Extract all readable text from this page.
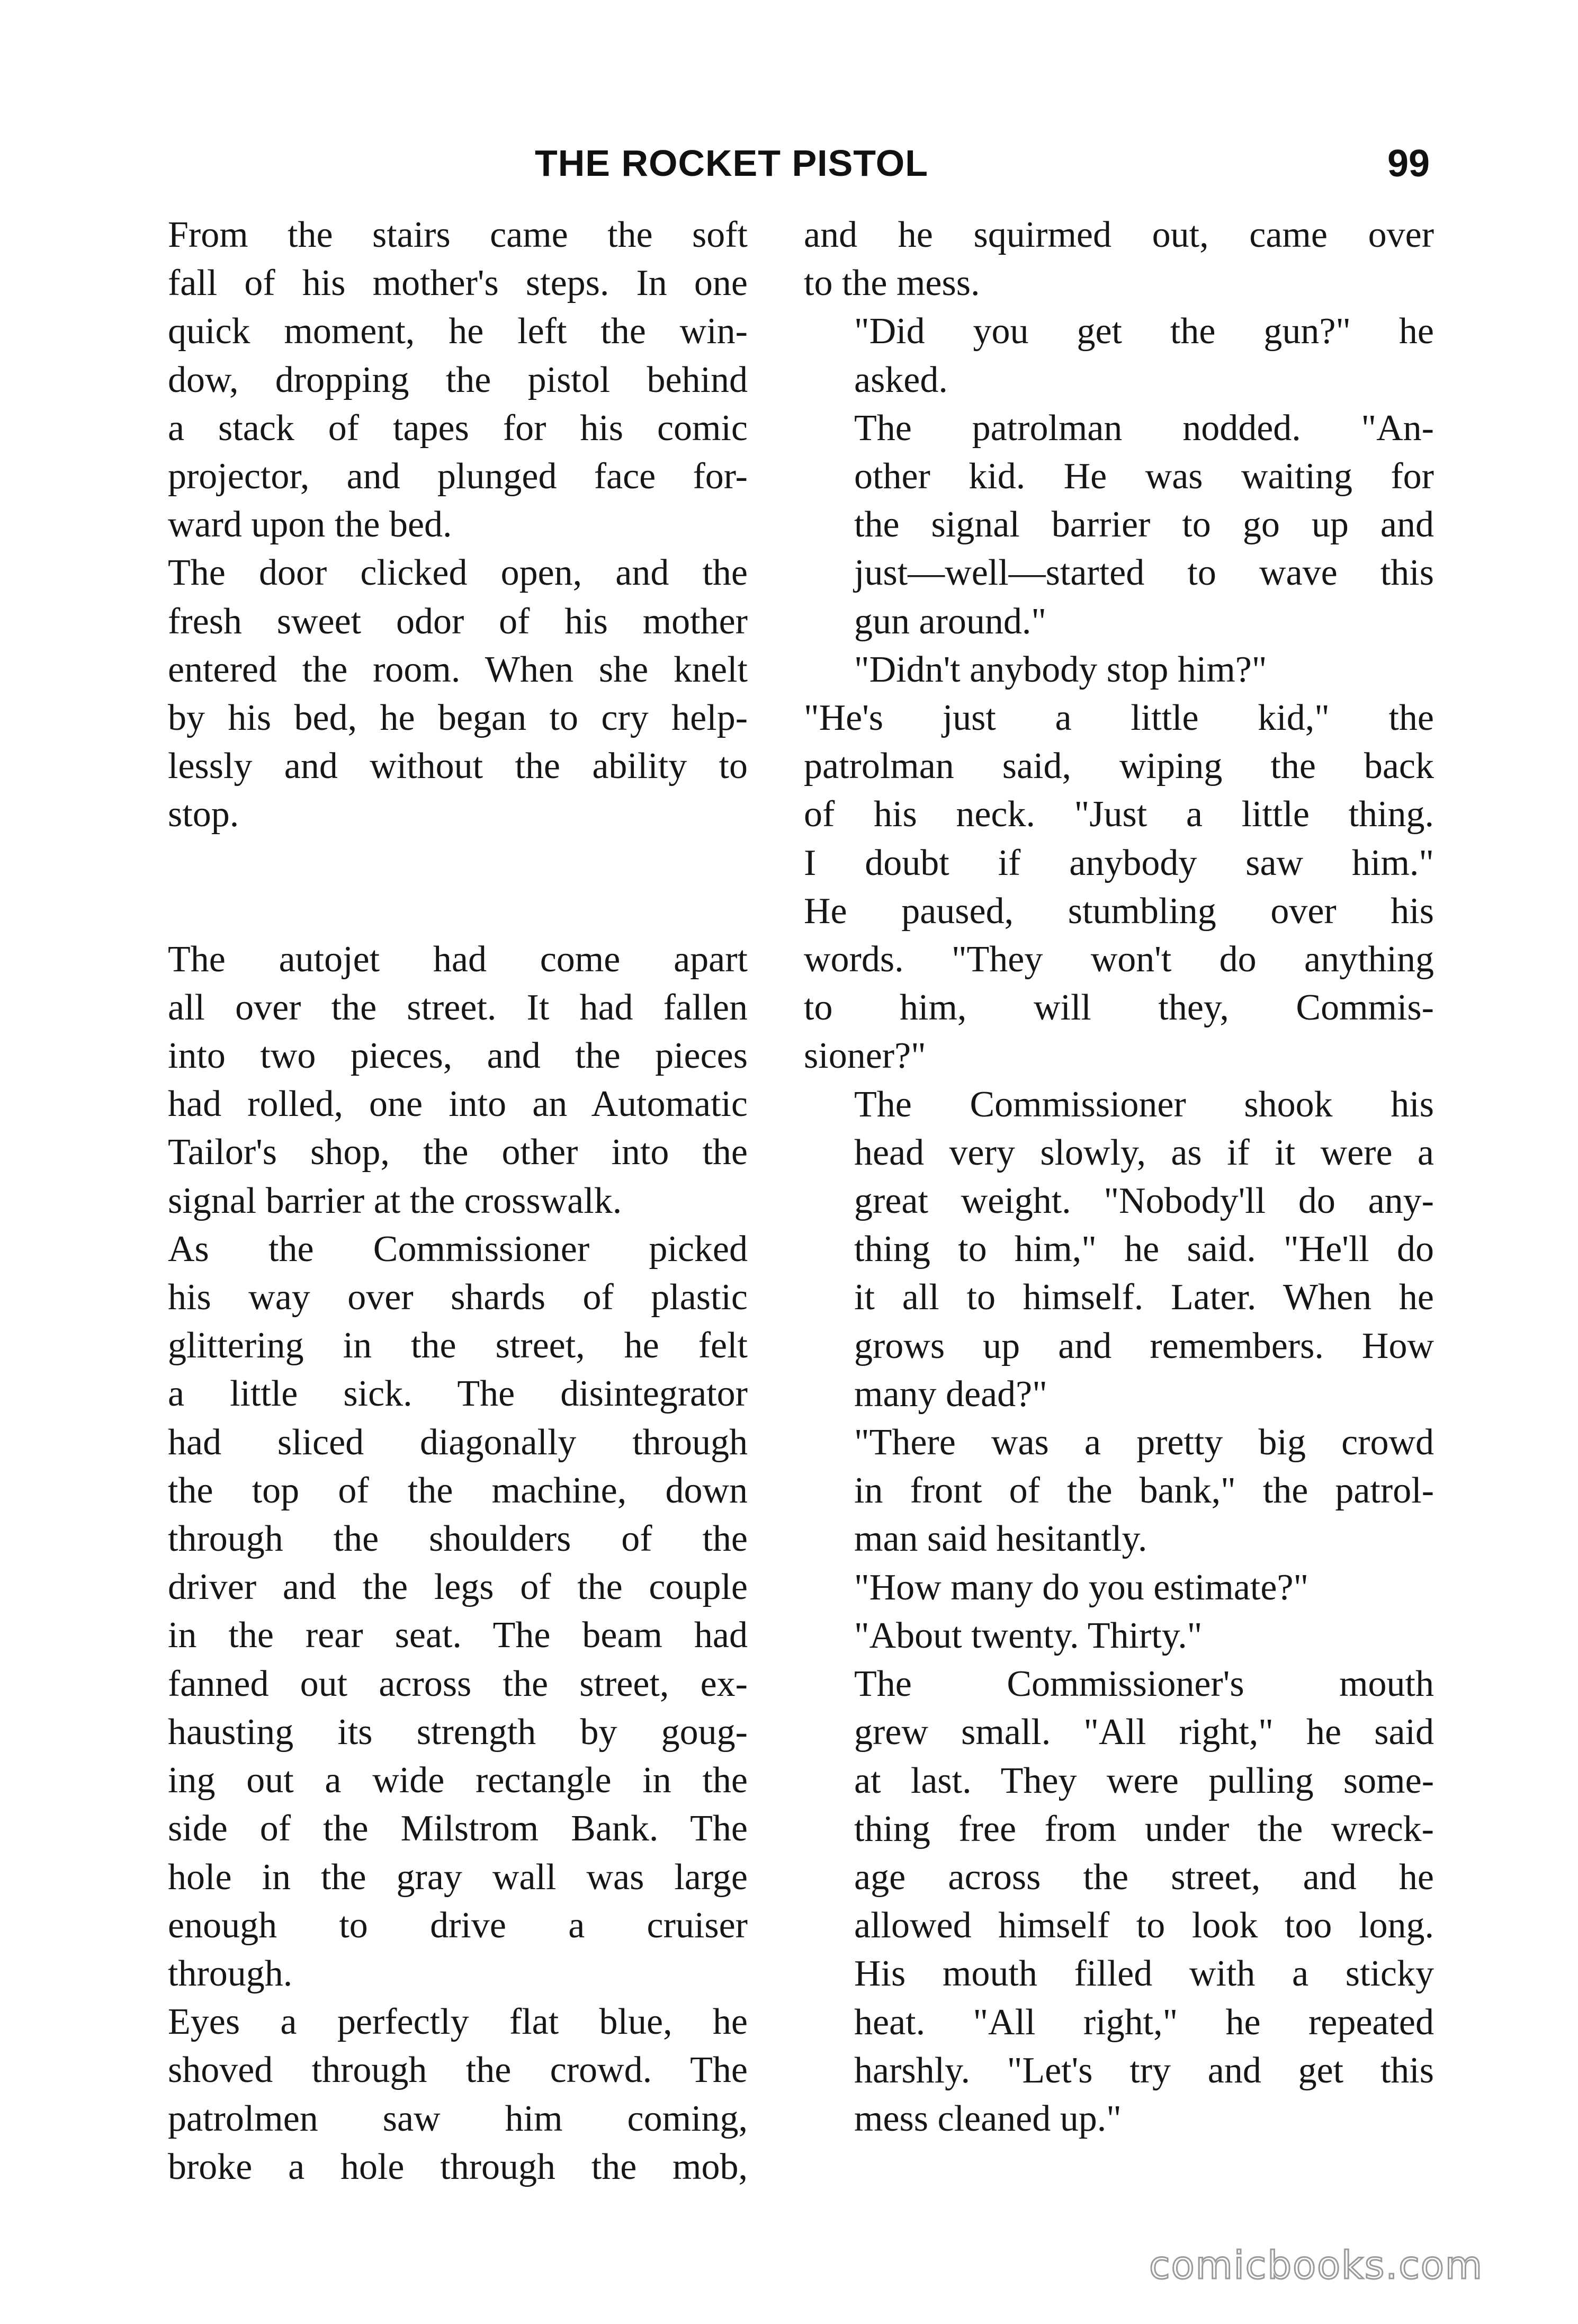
THE ROCKET PISTOL	99

From the stairs came the soft
fall of his mother's steps. In one
quick moment, he left the win-
dow, dropping the pistol behind
a stack of tapes for his comic
projector, and plunged face for-
ward upon the bed.

The door clicked open, and the
fresh sweet odor of his mother
entered the room. When she knelt
by his bed, he began to cry help-
lessly and without the ability to
stop.

The autojet had come apart
all over the street. It had fallen
into two pieces, and the pieces
had rolled, one into an Automatic
Tailor's shop, the other into the
signal barrier at the crosswalk.

As the Commissioner picked
his way over shards of plastic
glittering in the street, he felt
a little sick. The disintegrator
had sliced diagonally through
the top of the machine, down
through the shoulders of the
driver and the legs of the couple
in the rear seat. The beam had
fanned out across the street, ex-
hausting its strength by goug-
ing out a wide rectangle in the
side of the Milstrom Bank. The
hole in the gray wall was large
enough to drive a cruiser
through.

Eyes a perfectly flat blue, he
shoved through the crowd. The
patrolmen saw him coming,
broke a hole through the mob,

and he squirmed out, came over
to the mess.

"Did you get the gun?" he
asked.

The patrolman nodded. "An-
other kid. He was waiting for
the signal barrier to go up and
just—well—started to wave this
gun around."

"Didn't anybody stop him?"

"He's just a little kid," the
patrolman said, wiping the back
of his neck. "Just a little thing.
I doubt if anybody saw him."
He paused, stumbling over his
words. "They won't do anything
to him, will they, Commis-
sioner?"

The Commissioner shook his
head very slowly, as if it were a
great weight. "Nobody'll do any-
thing to him," he said. "He'll do
it all to himself. Later. When he
grows up and remembers. How
many dead?"

"There was a pretty big crowd
in front of the bank," the patrol-
man said hesitantly.

"How many do you estimate?"

"About twenty. Thirty."

The Commissioner's mouth
grew small. "All right," he said
at last. They were pulling some-
thing free from under the wreck-
age across the street, and he
allowed himself to look too long.
His mouth filled with a sticky
heat. "All right," he repeated
harshly. "Let's try and get this
mess cleaned up."

comicbooks.com
